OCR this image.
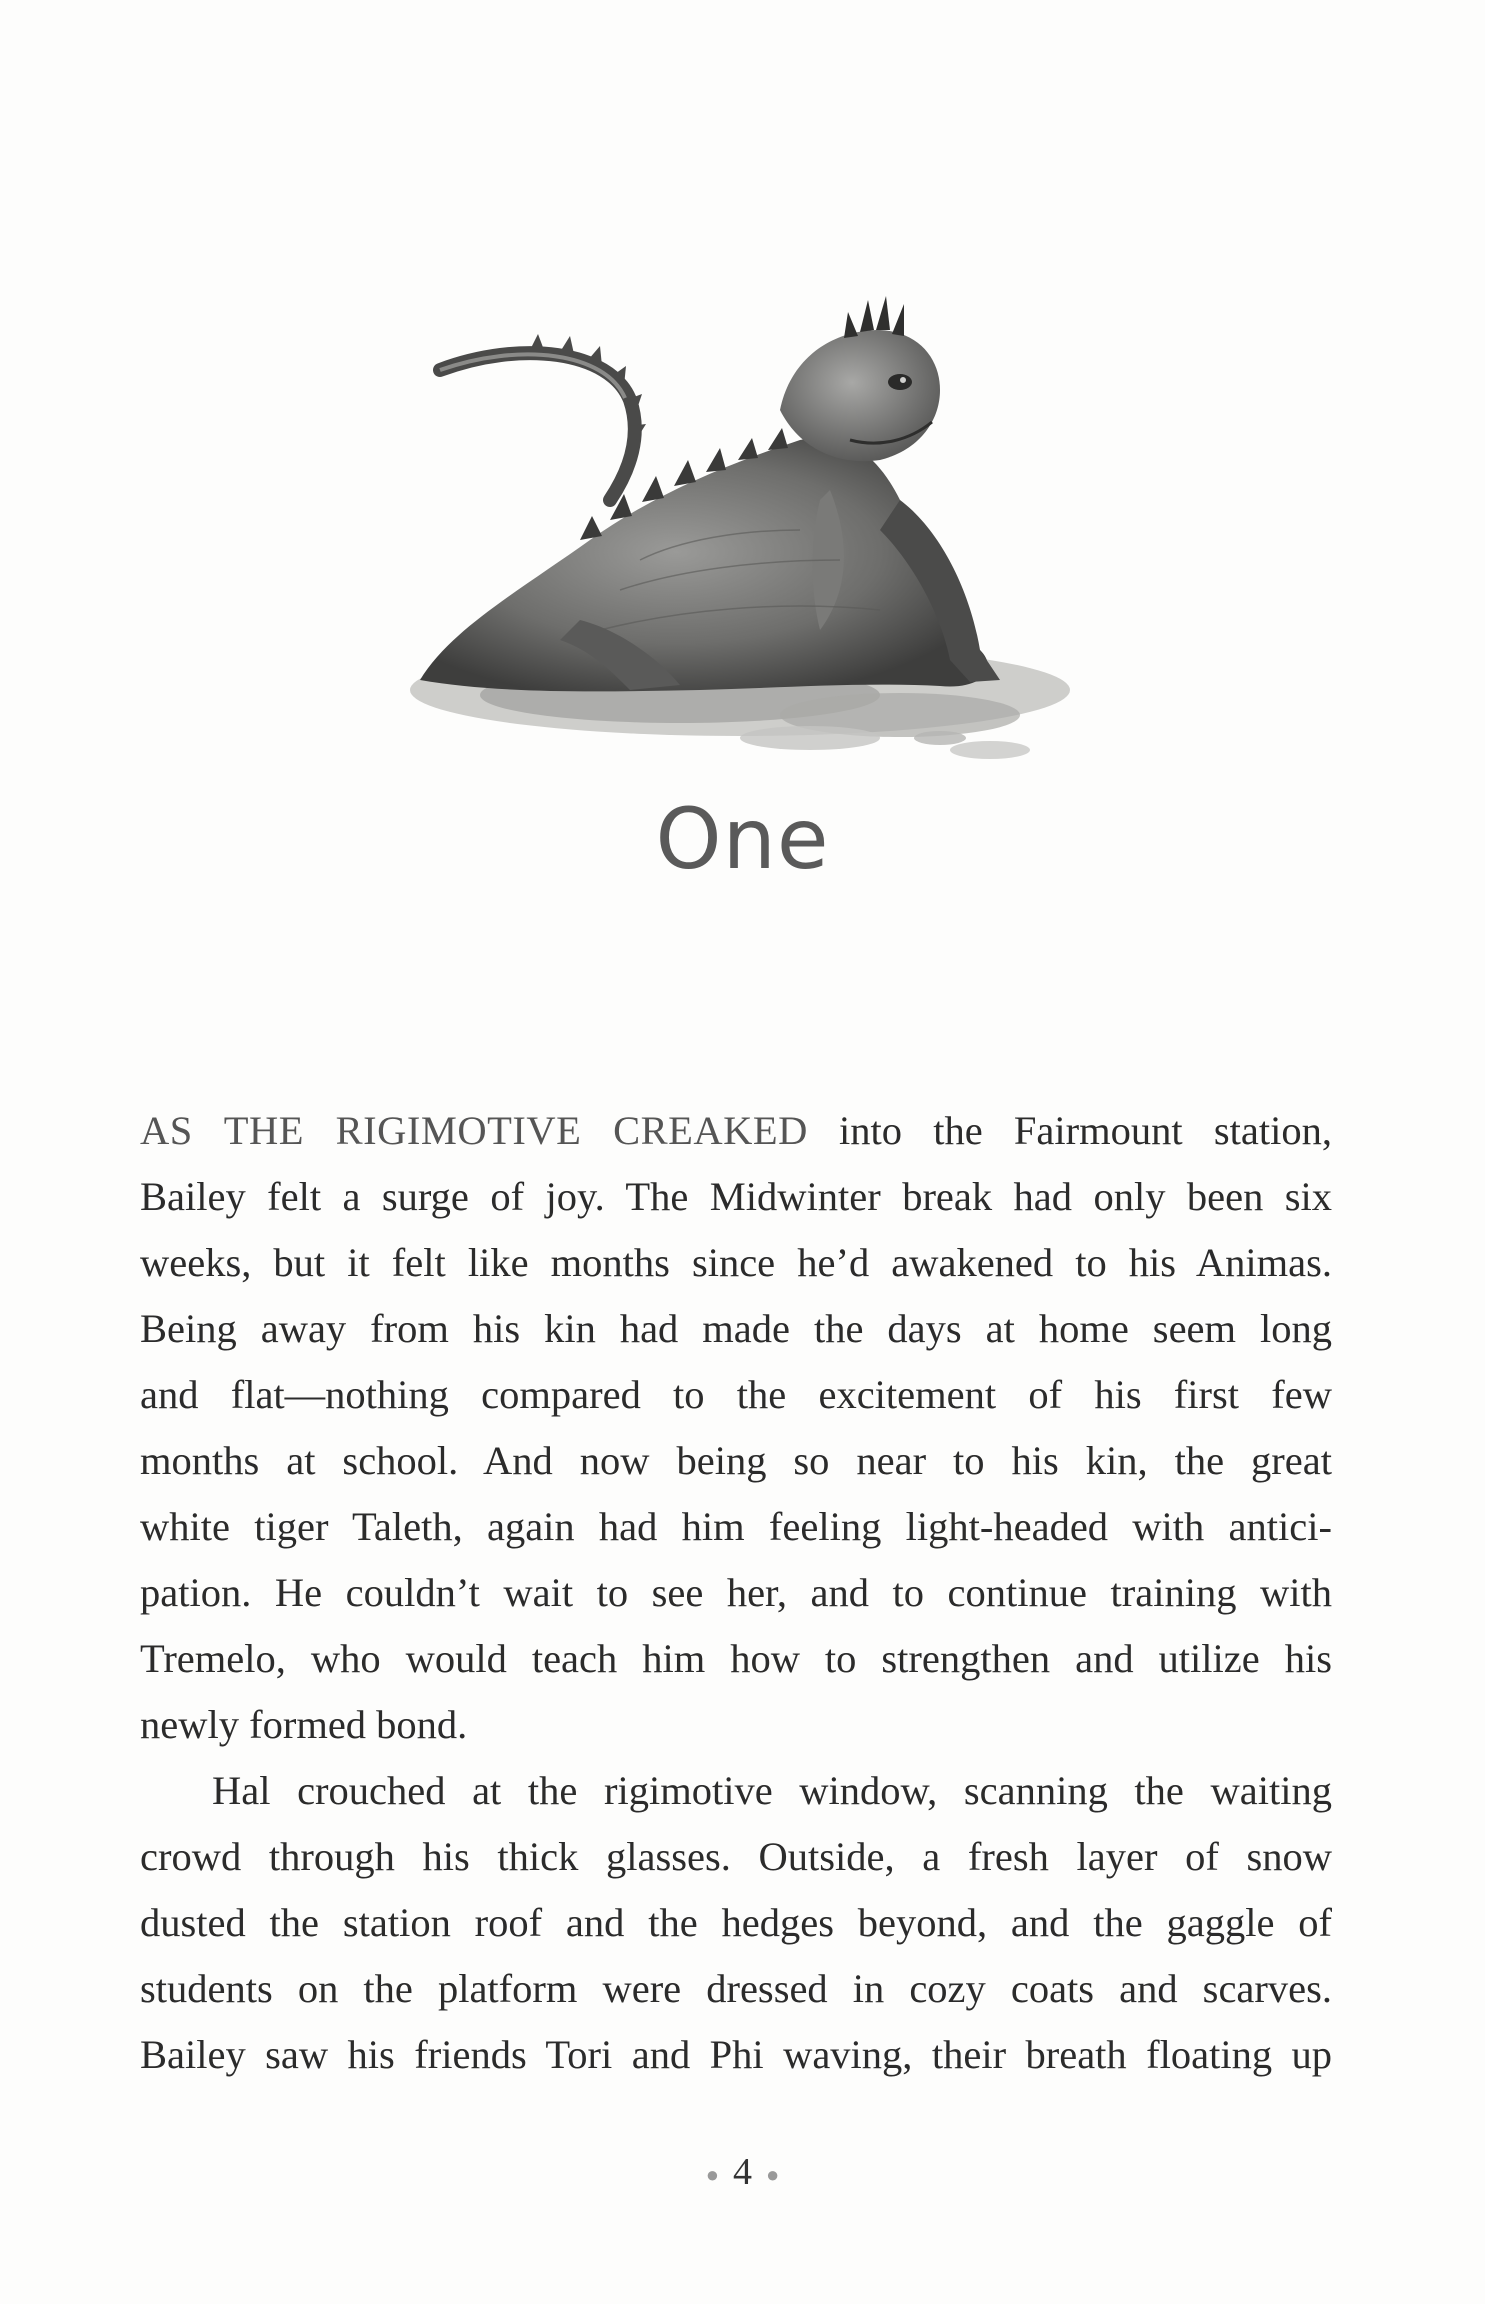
One
AS THE RIGIMOTIVE CREAKED into the Fairmount station,
Bailey felt a surge of joy. The Midwinter break had only been six
weeks, but it felt like months since he’d awakened to his Animas.
Being away from his kin had made the days at home seem long
and flat—nothing compared to the excitement of his first few
months at school. And now being so near to his kin, the great
white tiger Taleth, again had him feeling light-headed with antici-
pation. He couldn’t wait to see her, and to continue training with
Tremelo, who would teach him how to strengthen and utilize his
newly formed bond.
Hal crouched at the rigimotive window, scanning the waiting
crowd through his thick glasses. Outside, a fresh layer of snow
dusted the station roof and the hedges beyond, and the gaggle of
students on the platform were dressed in cozy coats and scarves.
Bailey saw his friends Tori and Phi waving, their breath floating up
● 4 ●
